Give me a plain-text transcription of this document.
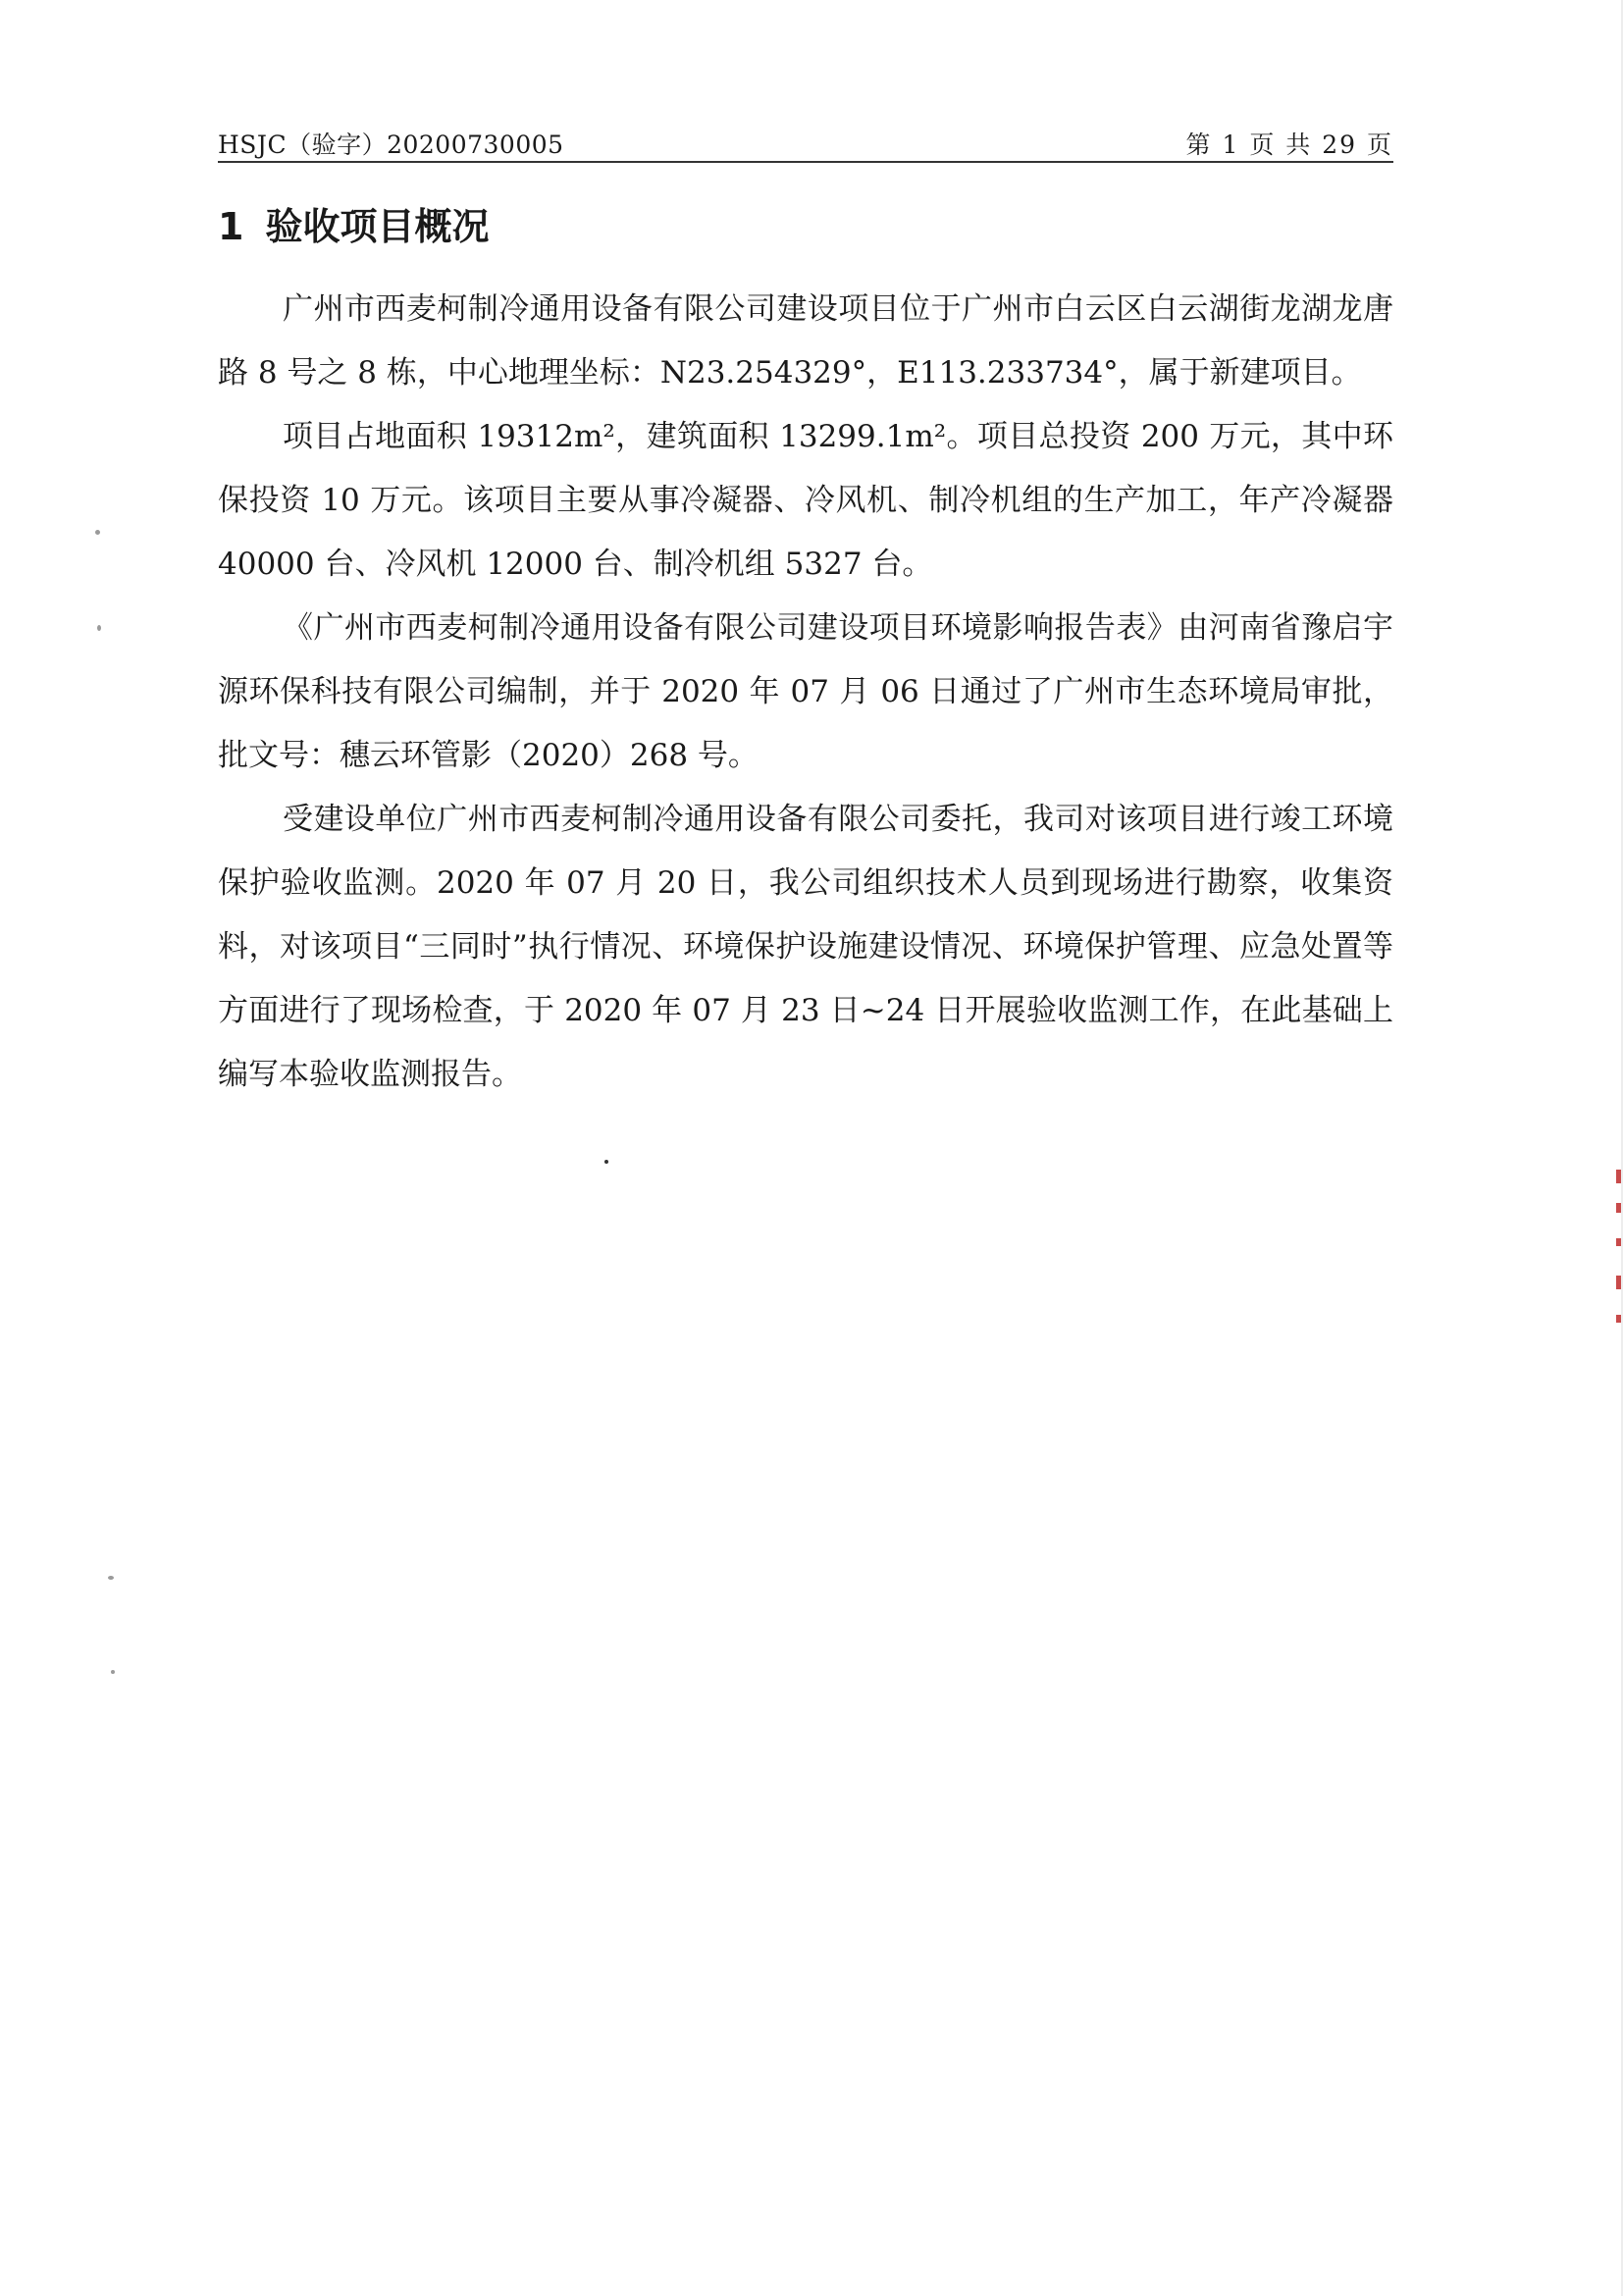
HSJC（验字）20200730005	第 1 页 共 29 页
1 验收项目概况

广州市西麦柯制冷通用设备有限公司建设项目位于广州市白云区白云湖街龙湖龙唐路 8 号之 8 栋，中心地理坐标：N23.254329°，E113.233734°，属于新建项目。

项目占地面积 19312m²，建筑面积 13299.1m²。项目总投资 200 万元，其中环保投资 10 万元。该项目主要从事冷凝器、冷风机、制冷机组的生产加工，年产冷凝器 40000 台、冷风机 12000 台、制冷机组 5327 台。

《广州市西麦柯制冷通用设备有限公司建设项目环境影响报告表》由河南省豫启宇源环保科技有限公司编制，并于 2020 年 07 月 06 日通过了广州市生态环境局审批，批文号：穗云环管影（2020）268 号。

受建设单位广州市西麦柯制冷通用设备有限公司委托，我司对该项目进行竣工环境保护验收监测。2020 年 07 月 20 日，我公司组织技术人员到现场进行勘察，收集资料，对该项目“三同时”执行情况、环境保护设施建设情况、环境保护管理、应急处置等方面进行了现场检查，于 2020 年 07 月 23 日~24 日开展验收监测工作，在此基础上编写本验收监测报告。
